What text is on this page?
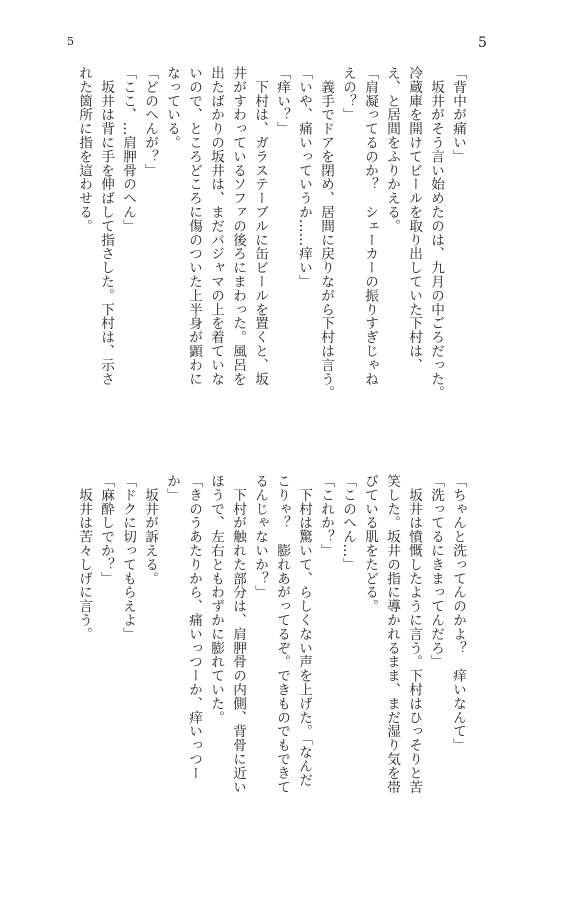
5	5
「背中が痛い」
　坂井がそう言い始めたのは、九月の中ごろだった。
冷蔵庫を開けてビールを取り出していた下村は、
え、と居間をふりかえる。
「肩凝ってるのか？　シェーカーの振りすぎじゃね
えの？」
　義手でドアを閉め、居間に戻りながら下村は言う。
「いや、痛いっていうか……痒い」
「痒い？」
　下村は、ガラステーブルに缶ビールを置くと、坂
井がすわっているソファの後ろにまわった。風呂を
出たばかりの坂井は、まだパジャマの上を着ていな
いので、ところどころに傷のついた上半身が顕わに
なっている。
「どのへんが？」
「ここ、…肩胛骨のへん」
　坂井は背に手を伸ばして指さした。下村は、示さ
れた箇所に指を這わせる。
「ちゃんと洗ってんのかよ？　痒いなんて」
「洗ってるにきまってんだろ」
　坂井は憤慨したように言う。下村はひっそりと苦
笑した。坂井の指に導かれるまま、まだ湿り気を帯
びている肌をたどる。
「このへん…」
「これか？」
　下村は驚いて、らしくない声を上げた。「なんだ
こりゃ？　膨れあがってるぞ。できものでもできて
るんじゃないか？」
　下村が触れた部分は、肩胛骨の内側、背骨に近い
ほうで、左右ともわずかに膨れていた。
「きのうあたりから、痛いっつーか、痒いっつー
か」
　坂井が訴える。
「ドクに切ってもらえよ」
「麻酔しでか？」
　坂井は苦々しげに言う。
